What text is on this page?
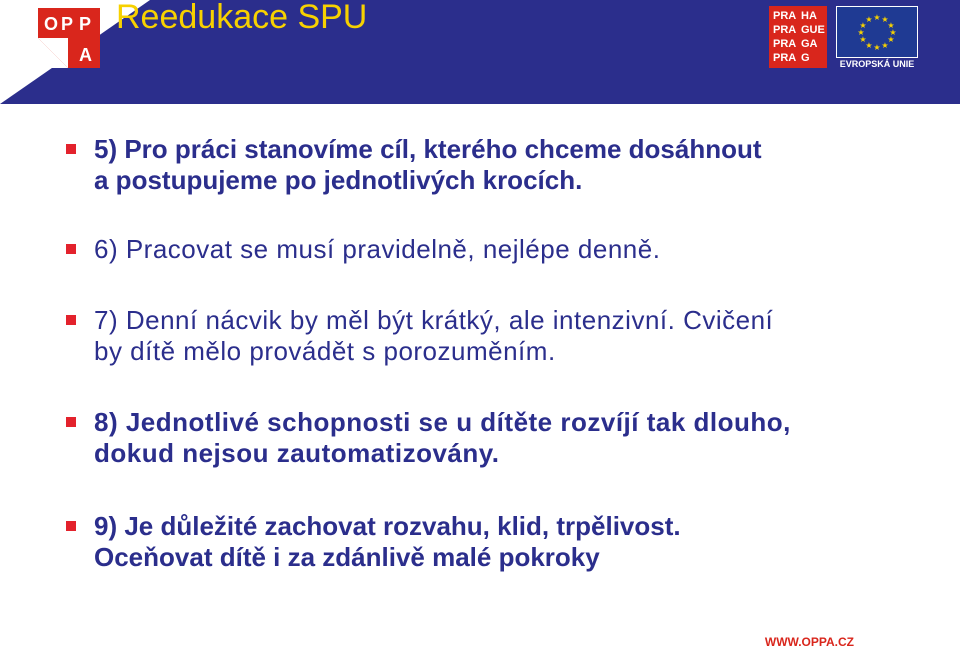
O P P
A
Reedukace SPU	PRA HA
PRA GUE
PRA GA
PRA G
★ ★
★
★
★
★
★
★
★
★
★
★
EVROPSKÁ UNIE
5) Pro práci stanovíme cíl, kterého chceme dosáhnout
a postupujeme po jednotlivých krocích.
6) Pracovat se musí pravidelně, nejlépe denně.
7) Denní nácvik by měl být krátký, ale intenzivní. Cvičení
by dítě mělo provádět s porozuměním.
8) Jednotlivé schopnosti se u dítěte rozvíjí tak dlouho,
dokud nejsou zautomatizovány.
9) Je důležité zachovat rozvahu, klid, trpělivost.
Oceňovat dítě i za zdánlivě malé pokroky
WWW.OPPA.CZ
